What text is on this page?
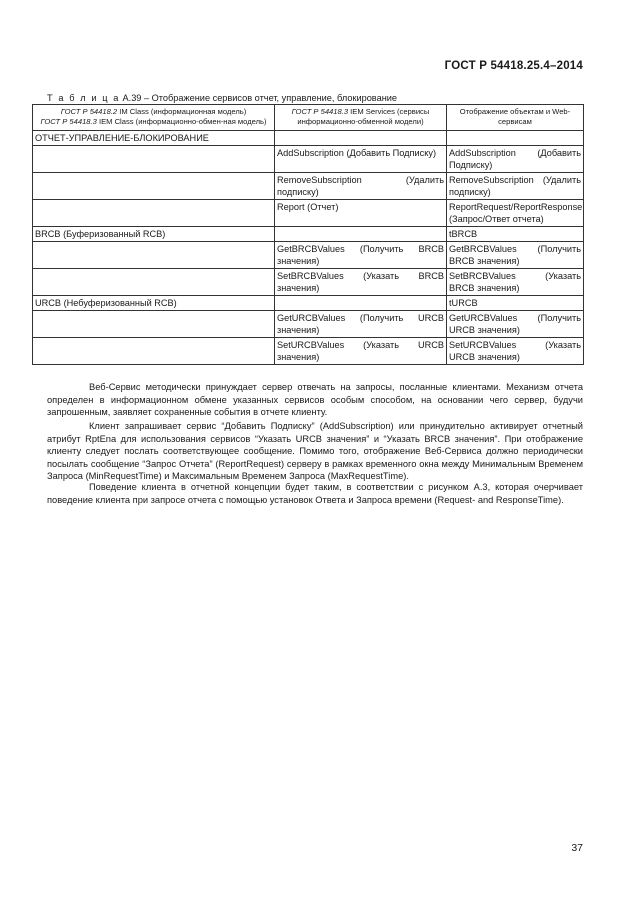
ГОСТ Р 54418.25.4–2014
Т а б л и ц а А.39 – Отображение сервисов отчет, управление, блокирование
ГОСТ Р 54418.2 IM Class (информационная модель)
ГОСТ Р 54418.3 IEM Class (информационно-обмен-ная модель)	ГОСТ Р 54418.3 IEM Services (сервисы информационно-обменной модели)	Отображение объектам и Web-сервисам
ОТЧЕТ-УПРАВЛЕНИЕ-БЛОКИРОВАНИЕ		
	AddSubscription (Добавить Подписку)	AddSubscription (Добавить Подписку)
	RemoveSubscription (Удалить подписку)	RemoveSubscription (Удалить подписку)
	Report (Отчет)	ReportRequest/ReportResponse (Запрос/Ответ отчета)
BRCB (Буферизованный RCB)		tBRCB
	GetBRCBValues (Получить BRCB значения)	GetBRCBValues (Получить BRCB значения)
	SetBRCBValues (Указать BRCB значения)	SetBRCBValues (Указать BRCB значения)
URCB (Небуферизованный RCB)		tURCB
	GetURCBValues (Получить URCB значения)	GetURCBValues (Получить URCB значения)
	SetURCBValues (Указать URCB значения)	SetURCBValues (Указать URCB значения)

Веб-Сервис методически принуждает сервер отвечать на запросы, посланные клиентами. Механизм отчета определен в информационном обмене указанных сервисов особым способом, на основании чего сервер, будучи запрошенным, заявляет сохраненные события в отчете клиенту.

Клиент запрашивает сервис “Добавить Подписку” (AddSubscription) или принудительно активирует отчетный атрибут RptEna для использования сервисов “Указать URCB значения” и “Указать BRCB значения”. При отображение клиенту следует послать соответствующее сообщение. Помимо того, отображение Веб-Сервиса должно периодически посылать сообщение “Запрос Отчета” (ReportRequest) серверу в рамках временного окна между Минимальным Временем Запроса (MinRequestTime) и Максимальным Временем Запроса (MaxRequestTime).

Поведение клиента в отчетной концепции будет таким, в соответствии с рисунком А.3, которая очерчивает поведение клиента при запросе отчета с помощью установок Ответа и Запроса времени (Request- and ResponseTime).

37
